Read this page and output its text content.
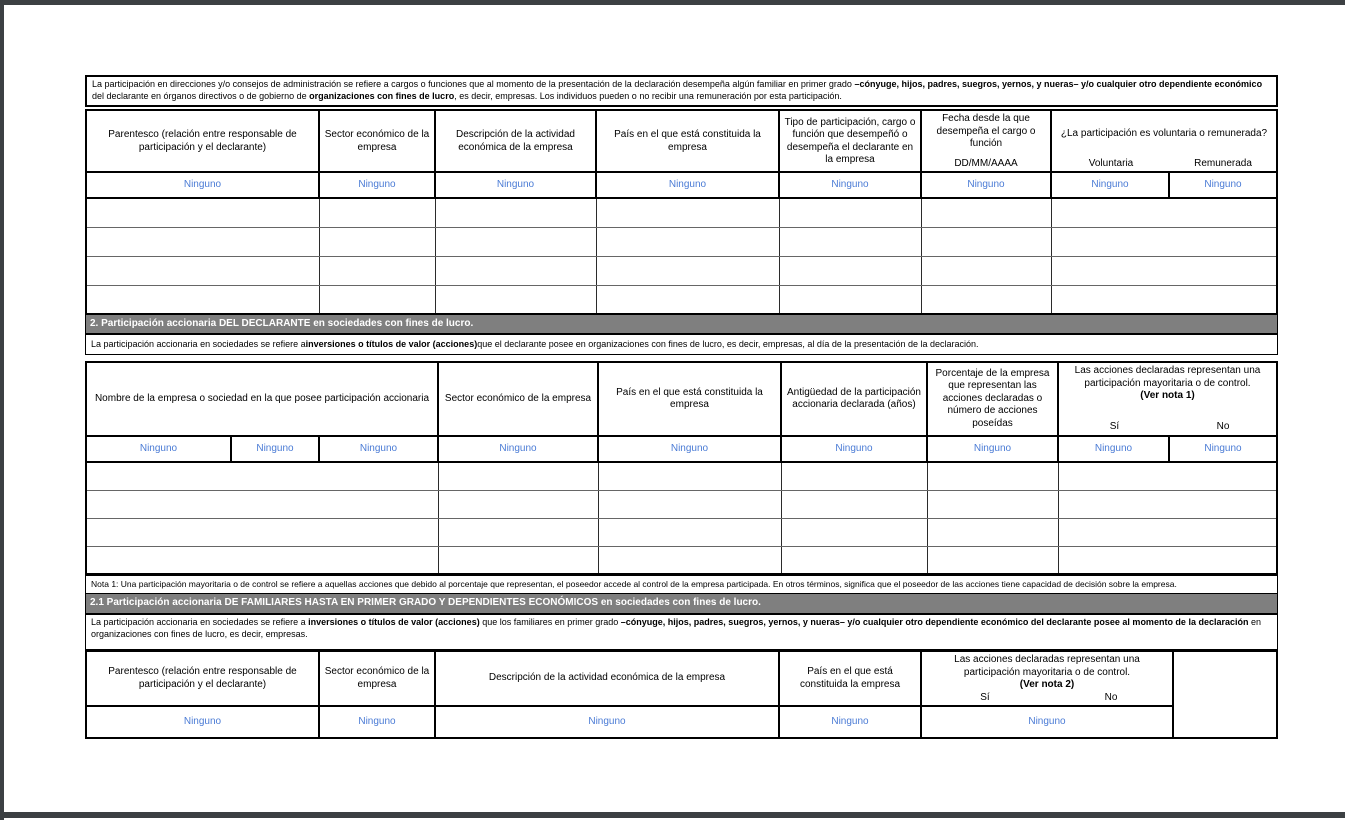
La participación en direcciones y/o consejos de administración se refiere a cargos o funciones que al momento de la presentación de la declaración desempeña algún familiar en primer grado –cónyuge, hijos, padres, suegros, yernos, y nueras– y/o cualquier otro dependiente económico del declarante en órganos directivos o de gobierno de organizaciones con fines de lucro, es decir, empresas. Los individuos pueden o no recibir una remuneración por esta participación.
Parentesco (relación entre responsable de participación y el declarante)
Sector económico de la empresa
Descripción de la actividad económica de la empresa
País en el que está constituida la empresa
Tipo de participación, cargo o función que desempeñó o desempeña el declarante en la empresa
Fecha desde la que desempeña el cargo o función
DD/MM/AAAA
¿La participación es voluntaria o remunerada?
Voluntaria	Remunerada
Ninguno	Ninguno	Ninguno	Ninguno	Ninguno	Ninguno	Ninguno	Ninguno
2. Participación accionaria DEL DECLARANTE en sociedades con fines de lucro.
La participación accionaria en sociedades se refiere a inversiones o títulos de valor (acciones) que el declarante posee en organizaciones con fines de lucro, es decir, empresas, al día de la presentación de la declaración.
Nombre de la empresa o sociedad en la que posee participación accionaria	Sector económico de la empresa
País en el que está constituida la empresa
Antigüedad de la participación accionaria declarada (años)
Porcentaje de la empresa que representan las acciones declaradas o número de acciones poseídas
Las acciones declaradas representan una participación mayoritaria o de control.
(Ver nota 1)
Sí	No
Ninguno	Ninguno	Ninguno	Ninguno	Ninguno	Ninguno	Ninguno	Ninguno	Ninguno
Nota 1: Una participación mayoritaria o de control se refiere a aquellas acciones que debido al porcentaje que representan, el poseedor accede al control de la empresa participada. En otros términos, significa que el poseedor de las acciones tiene capacidad de decisión sobre la empresa.
2.1 Participación accionaria DE FAMILIARES HASTA EN PRIMER GRADO Y DEPENDIENTES ECONÓMICOS en sociedades con fines de lucro.
La participación accionaria en sociedades se refiere a inversiones o títulos de valor (acciones) que los familiares en primer grado –cónyuge, hijos, padres, suegros, yernos, y nueras– y/o cualquier otro dependiente económico del declarante posee al momento de la declaración en organizaciones con fines de lucro, es decir, empresas.
Parentesco (relación entre responsable de participación y el declarante)
Sector económico de la empresa
Descripción de la actividad económica de la empresa
País en el que está constituida la empresa
Las acciones declaradas representan una participación mayoritaria o de control.
(Ver nota 2)
Sí	No
Ninguno	Ninguno	Ninguno	Ninguno	Ninguno
